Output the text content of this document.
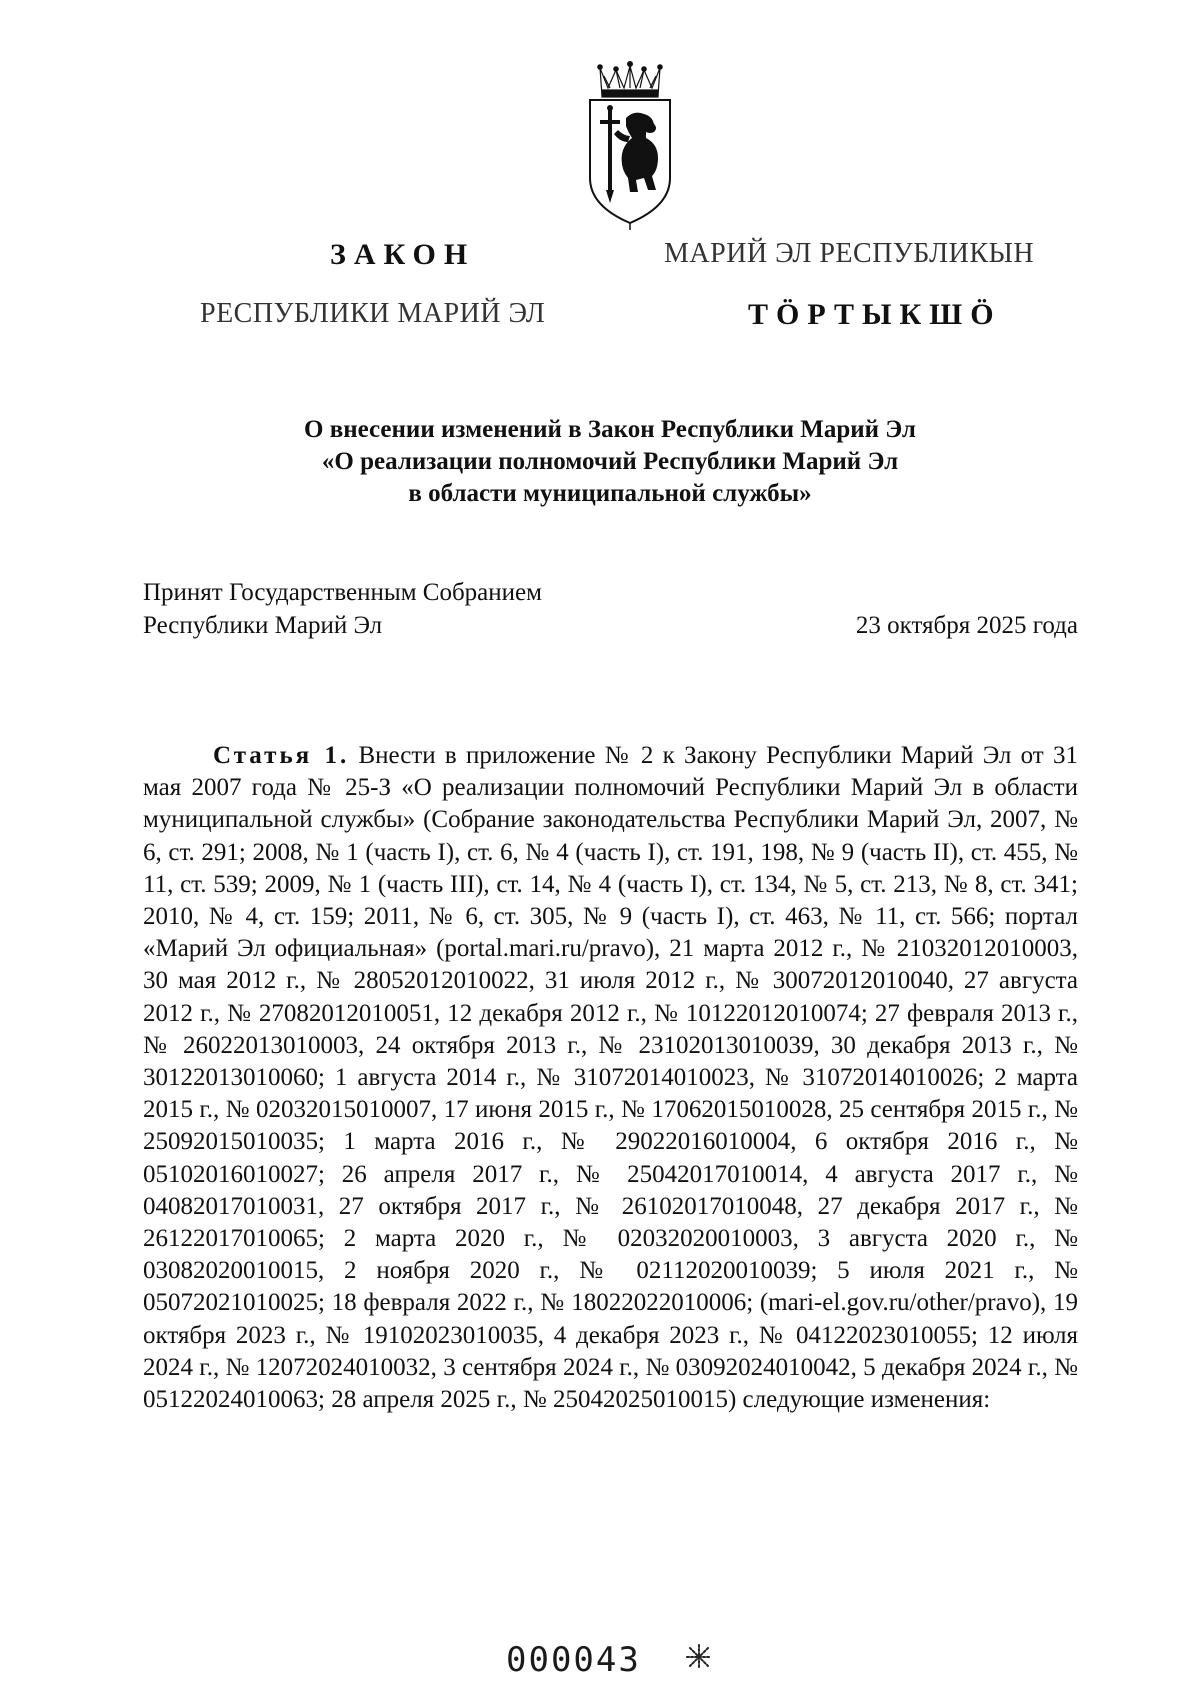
ЗАКОН
РЕСПУБЛИКИ МАРИЙ ЭЛ
МАРИЙ ЭЛ РЕСПУБЛИКЫН
ТӦРТЫКШӦ
О внесении изменений в Закон Республики Марий Эл
«О реализации полномочий Республики Марий Эл
в области муниципальной службы»
Принят Государственным Собранием
Республики Марий Эл	23 октября 2025 года
Статья 1. Внести в приложение № 2 к Закону Республики Марий Эл от 31 мая 2007 года № 25-З «О реализации полномочий Республики Марий Эл в области муниципальной службы» (Собрание законодательства Республики Марий Эл, 2007, № 6, ст. 291; 2008, № 1 (часть I), ст. 6, № 4 (часть I), ст. 191, 198, № 9 (часть II), ст. 455, № 11, ст. 539; 2009, № 1 (часть III), ст. 14, № 4 (часть I), ст. 134, № 5, ст. 213, № 8, ст. 341; 2010, № 4, ст. 159; 2011, № 6, ст. 305, № 9 (часть I), ст. 463, № 11, ст. 566; портал «Марий Эл официальная» (portal.mari.ru/pravo), 21 марта 2012 г., № 21032012010003, 30 мая 2012 г., № 28052012010022, 31 июля 2012 г., № 30072012010040, 27 августа 2012 г., № 27082012010051, 12 декабря 2012 г., № 10122012010074; 27 февраля 2013 г., № 26022013010003, 24 октября 2013 г., № 23102013010039, 30 декабря 2013 г., № 30122013010060; 1 августа 2014 г., № 31072014010023, № 31072014010026; 2 марта 2015 г., № 02032015010007, 17 июня 2015 г., № 17062015010028, 25 сентября 2015 г., № 25092015010035; 1 марта 2016 г., № 29022016010004, 6 октября 2016 г., № 05102016010027; 26 апреля 2017 г., № 25042017010014, 4 августа 2017 г., № 04082017010031, 27 октября 2017 г., № 26102017010048, 27 декабря 2017 г., № 26122017010065; 2 марта 2020 г., № 02032020010003, 3 августа 2020 г., № 03082020010015, 2 ноября 2020 г., № 02112020010039; 5 июля 2021 г., № 05072021010025; 18 февраля 2022 г., № 18022022010006; (mari-el.gov.ru/other/pravo), 19 октября 2023 г., № 19102023010035, 4 декабря 2023 г., № 04122023010055; 12 июля 2024 г., № 12072024010032, 3 сентября 2024 г., № 03092024010042, 5 декабря 2024 г., № 05122024010063; 28 апреля 2025 г., № 25042025010015) следующие изменения:
000043
